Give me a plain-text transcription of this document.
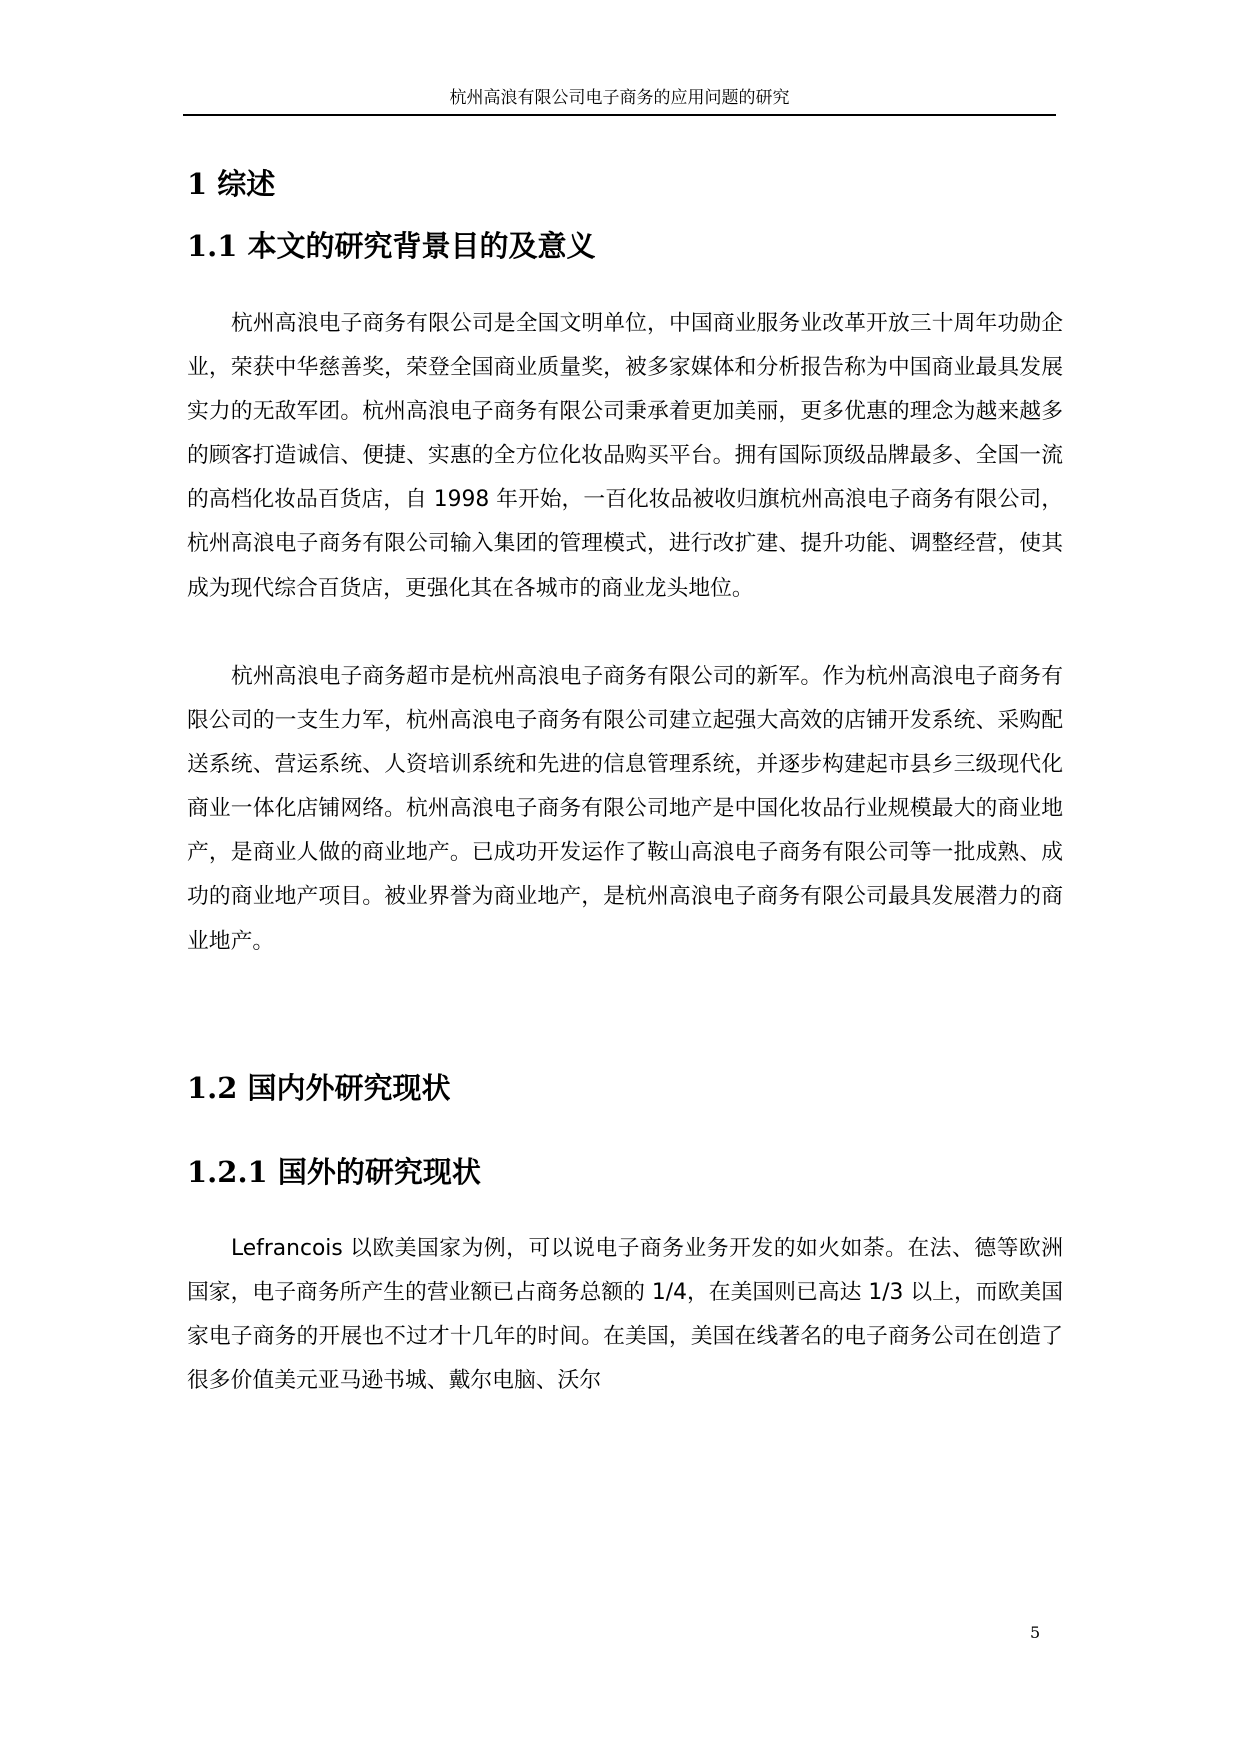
杭州高浪有限公司电子商务的应用问题的研究
1 综述
1.1 本文的研究背景目的及意义

杭州高浪电子商务有限公司是全国文明单位，中国商业服务业改革开放三十周年功勋企业，荣获中华慈善奖，荣登全国商业质量奖，被多家媒体和分析报告称为中国商业最具发展实力的无敌军团。杭州高浪电子商务有限公司秉承着更加美丽，更多优惠的理念为越来越多的顾客打造诚信、便捷、实惠的全方位化妆品购买平台。拥有国际顶级品牌最多、全国一流的高档化妆品百货店，自 1998 年开始，一百化妆品被收归旗杭州高浪电子商务有限公司，杭州高浪电子商务有限公司输入集团的管理模式，进行改扩建、提升功能、调整经营，使其成为现代综合百货店，更强化其在各城市的商业龙头地位。

杭州高浪电子商务超市是杭州高浪电子商务有限公司的新军。作为杭州高浪电子商务有限公司的一支生力军，杭州高浪电子商务有限公司建立起强大高效的店铺开发系统、采购配送系统、营运系统、人资培训系统和先进的信息管理系统，并逐步构建起市县乡三级现代化商业一体化店铺网络。杭州高浪电子商务有限公司地产是中国化妆品行业规模最大的商业地产，是商业人做的商业地产。已成功开发运作了鞍山高浪电子商务有限公司等一批成熟、成功的商业地产项目。被业界誉为商业地产，是杭州高浪电子商务有限公司最具发展潜力的商业地产。

1.2 国内外研究现状
1.2.1 国外的研究现状

Lefrancois 以欧美国家为例，可以说电子商务业务开发的如火如荼。在法、德等欧洲国家，电子商务所产生的营业额已占商务总额的 1/4，在美国则已高达 1/3 以上，而欧美国家电子商务的开展也不过才十几年的时间。在美国，美国在线著名的电子商务公司在创造了很多价值美元亚马逊书城、戴尔电脑、沃尔

5
